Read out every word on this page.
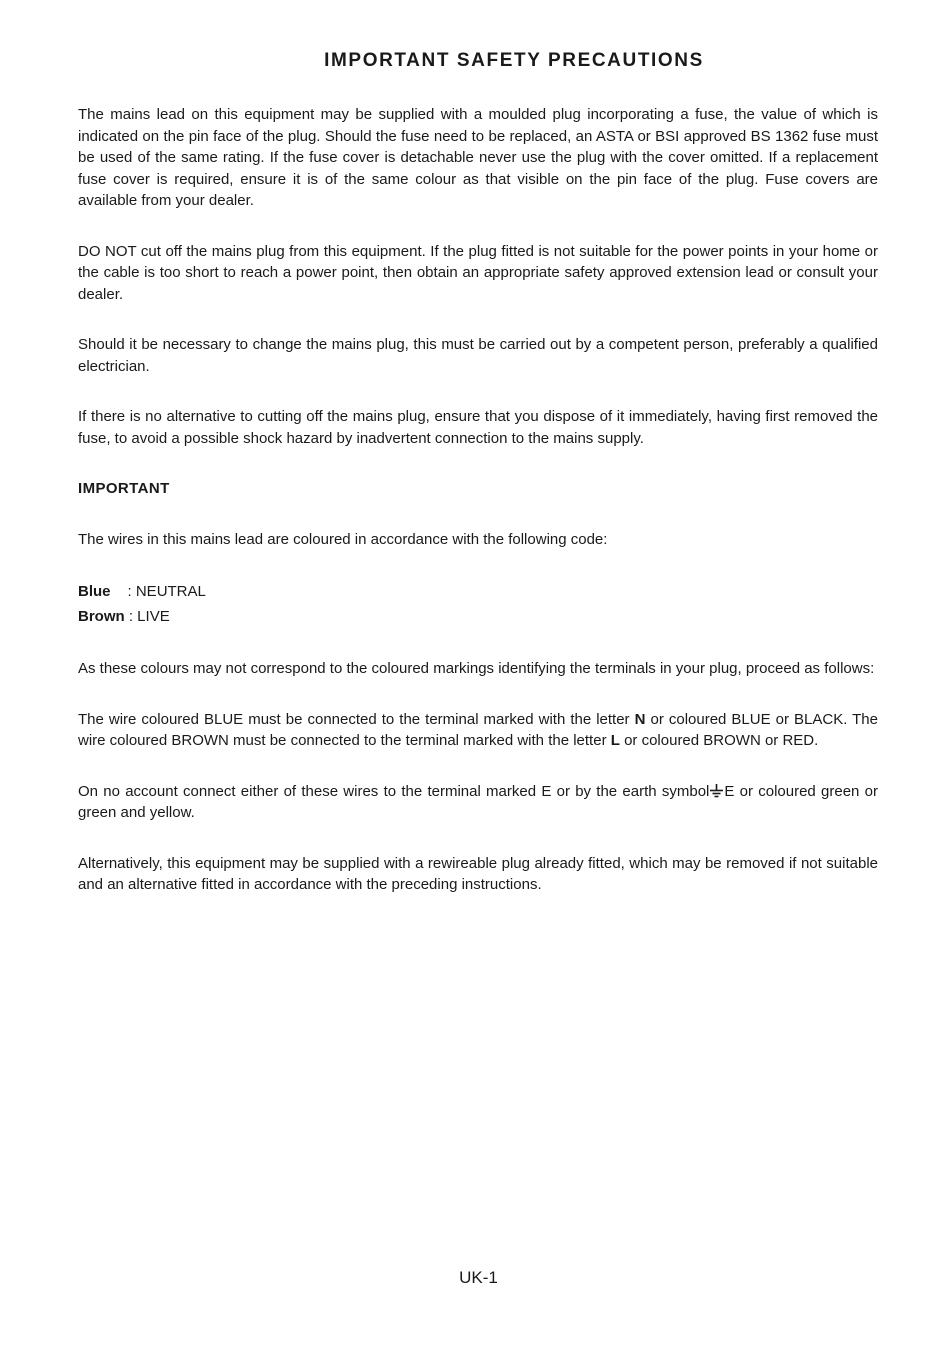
IMPORTANT SAFETY PRECAUTIONS

The mains lead on this equipment may be supplied with a moulded plug incorporating a fuse, the value of which is indicated on the pin face of the plug. Should the fuse need to be replaced, an ASTA or BSI approved BS 1362 fuse must be used of the same rating. If the fuse cover is detachable never use the plug with the cover omitted. If a replacement fuse cover is required, ensure it is of the same colour as that visible on the pin face of the plug. Fuse covers are available from your dealer.

DO NOT cut off the mains plug from this equipment. If the plug fitted is not suitable for the power points in your home or the cable is too short to reach a power point, then obtain an appropriate safety approved extension lead or consult your dealer.

Should it be necessary to change the mains plug, this must be carried out by a competent person, preferably a qualified electrician.

If there is no alternative to cutting off the mains plug, ensure that you dispose of it immediately, having first removed the fuse, to avoid a possible shock hazard by inadvertent connection to the mains supply.

IMPORTANT

The wires in this mains lead are coloured in accordance with the following code:

Blue : NEUTRAL
Brown : LIVE

As these colours may not correspond to the coloured markings identifying the terminals in your plug, proceed as follows:

The wire coloured BLUE must be connected to the terminal marked with the letter N or coloured BLUE or BLACK. The wire coloured BROWN must be connected to the terminal marked with the letter L or coloured BROWN or RED.

On no account connect either of these wires to the terminal marked E or by the earth symbol E or coloured green or green and yellow.

Alternatively, this equipment may be supplied with a rewireable plug already fitted, which may be removed if not suitable and an alternative fitted in accordance with the preceding instructions.

UK-1
